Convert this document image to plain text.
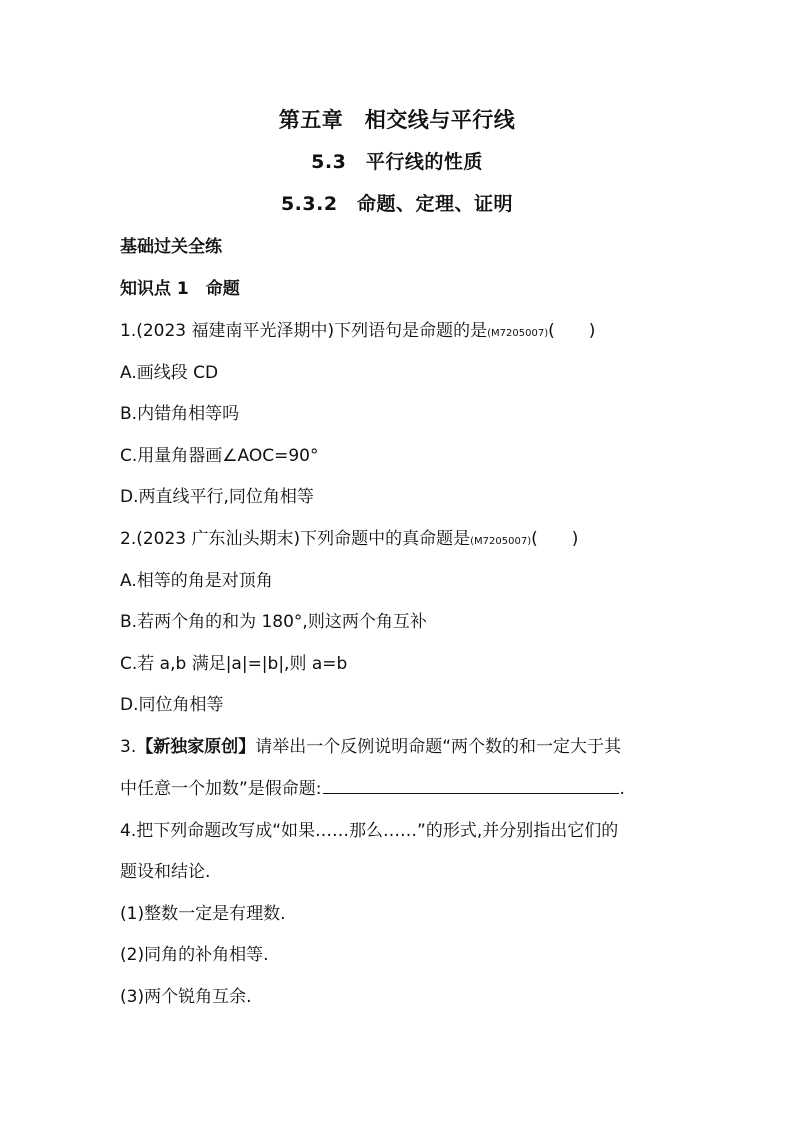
第五章　相交线与平行线
5.3　平行线的性质
5.3.2　命题、定理、证明
基础过关全练
知识点 1　命题
1.(2023 福建南平光泽期中)下列语句是命题的是(M7205007)(　　)
A.画线段 CD
B.内错角相等吗
C.用量角器画∠AOC=90°
D.两直线平行,同位角相等
2.(2023 广东汕头期末)下列命题中的真命题是(M7205007)(　　)
A.相等的角是对顶角
B.若两个角的和为 180°,则这两个角互补
C.若 a,b 满足|a|=|b|,则 a=b
D.同位角相等
3.【新独家原创】请举出一个反例说明命题“两个数的和一定大于其
中任意一个加数”是假命题:	.
4.把下列命题改写成“如果……那么……”的形式,并分别指出它们的
题设和结论.
(1)整数一定是有理数.
(2)同角的补角相等.
(3)两个锐角互余.
